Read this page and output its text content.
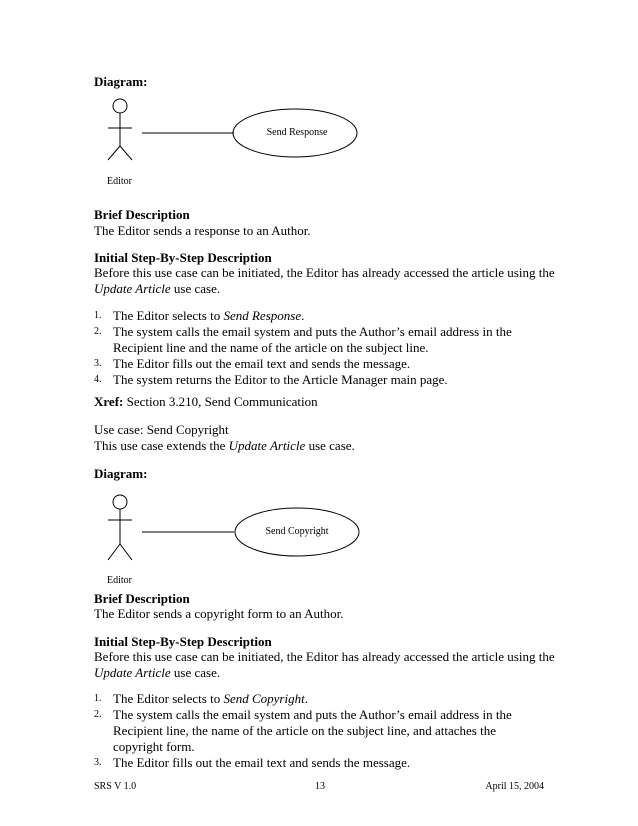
Diagram:
Send Response
Editor
Brief Description
The Editor sends a response to an Author.
Initial Step-By-Step Description
Before this use case can be initiated, the Editor has already accessed the article using the
Update Article use case.
1. The Editor selects to Send Response.
2. The system calls the email system and puts the Author’s email address in the Recipient line and the name of the article on the subject line.
3. The Editor fills out the email text and sends the message.
4. The system returns the Editor to the Article Manager main page.
Xref: Section 3.210, Send Communication
Use case: Send Copyright
This use case extends the Update Article use case.
Diagram:
Send Copyright
Editor
Brief Description
The Editor sends a copyright form to an Author.
Initial Step-By-Step Description
Before this use case can be initiated, the Editor has already accessed the article using the
Update Article use case.
1. The Editor selects to Send Copyright.
2. The system calls the email system and puts the Author’s email address in the Recipient line, the name of the article on the subject line, and attaches the copyright form.
3. The Editor fills out the email text and sends the message.
SRS V 1.0	13	April 15, 2004
